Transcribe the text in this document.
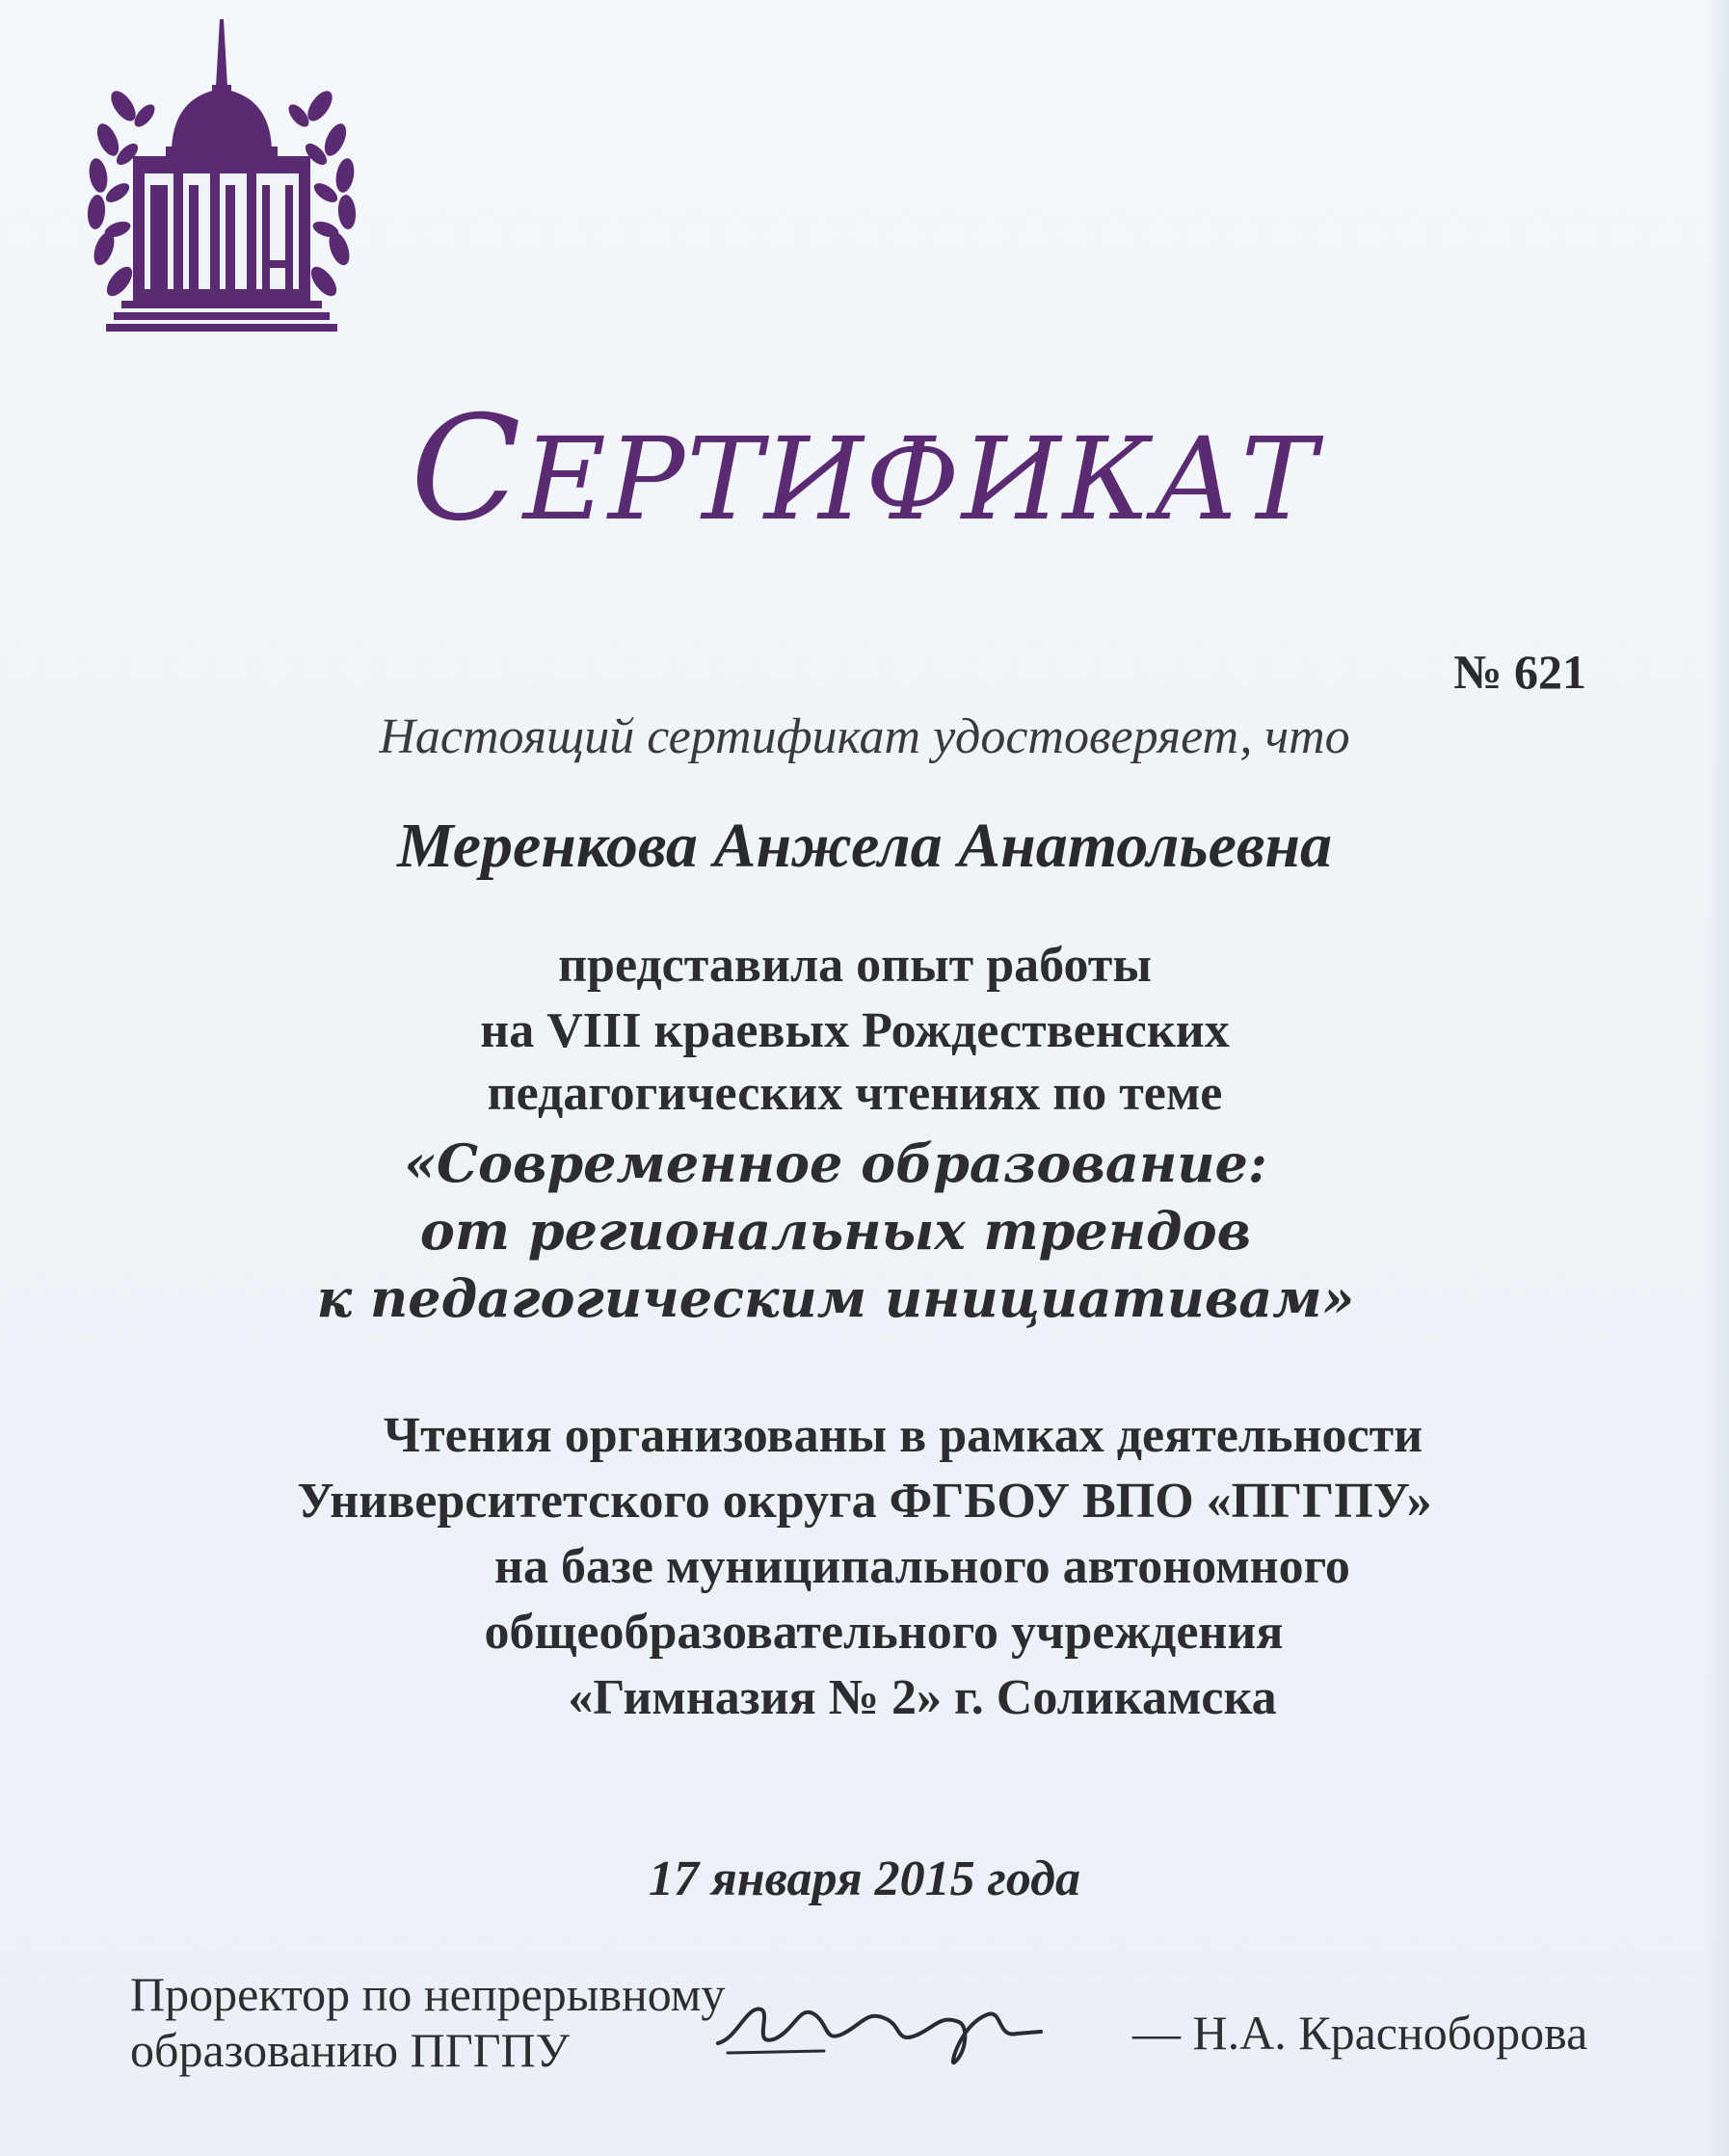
СЕРТИФИКАТ
№ 621
Настоящий сертификат удостоверяет, что
Меренкова Анжела Анатольевна
представила опыт работы
на VIII краевых Рождественских
педагогических чтениях по теме
«Современное образование:
от региональных трендов
к педагогическим инициативам»
Чтения организованы в рамках деятельности
Университетского округа ФГБОУ ВПО «ПГГПУ»
на базе муниципального автономного
общеобразовательного учреждения
«Гимназия № 2» г. Соликамска
17 января 2015 года
Проректор по непрерывному
образованию ПГГПУ	— Н.А. Красноборова
